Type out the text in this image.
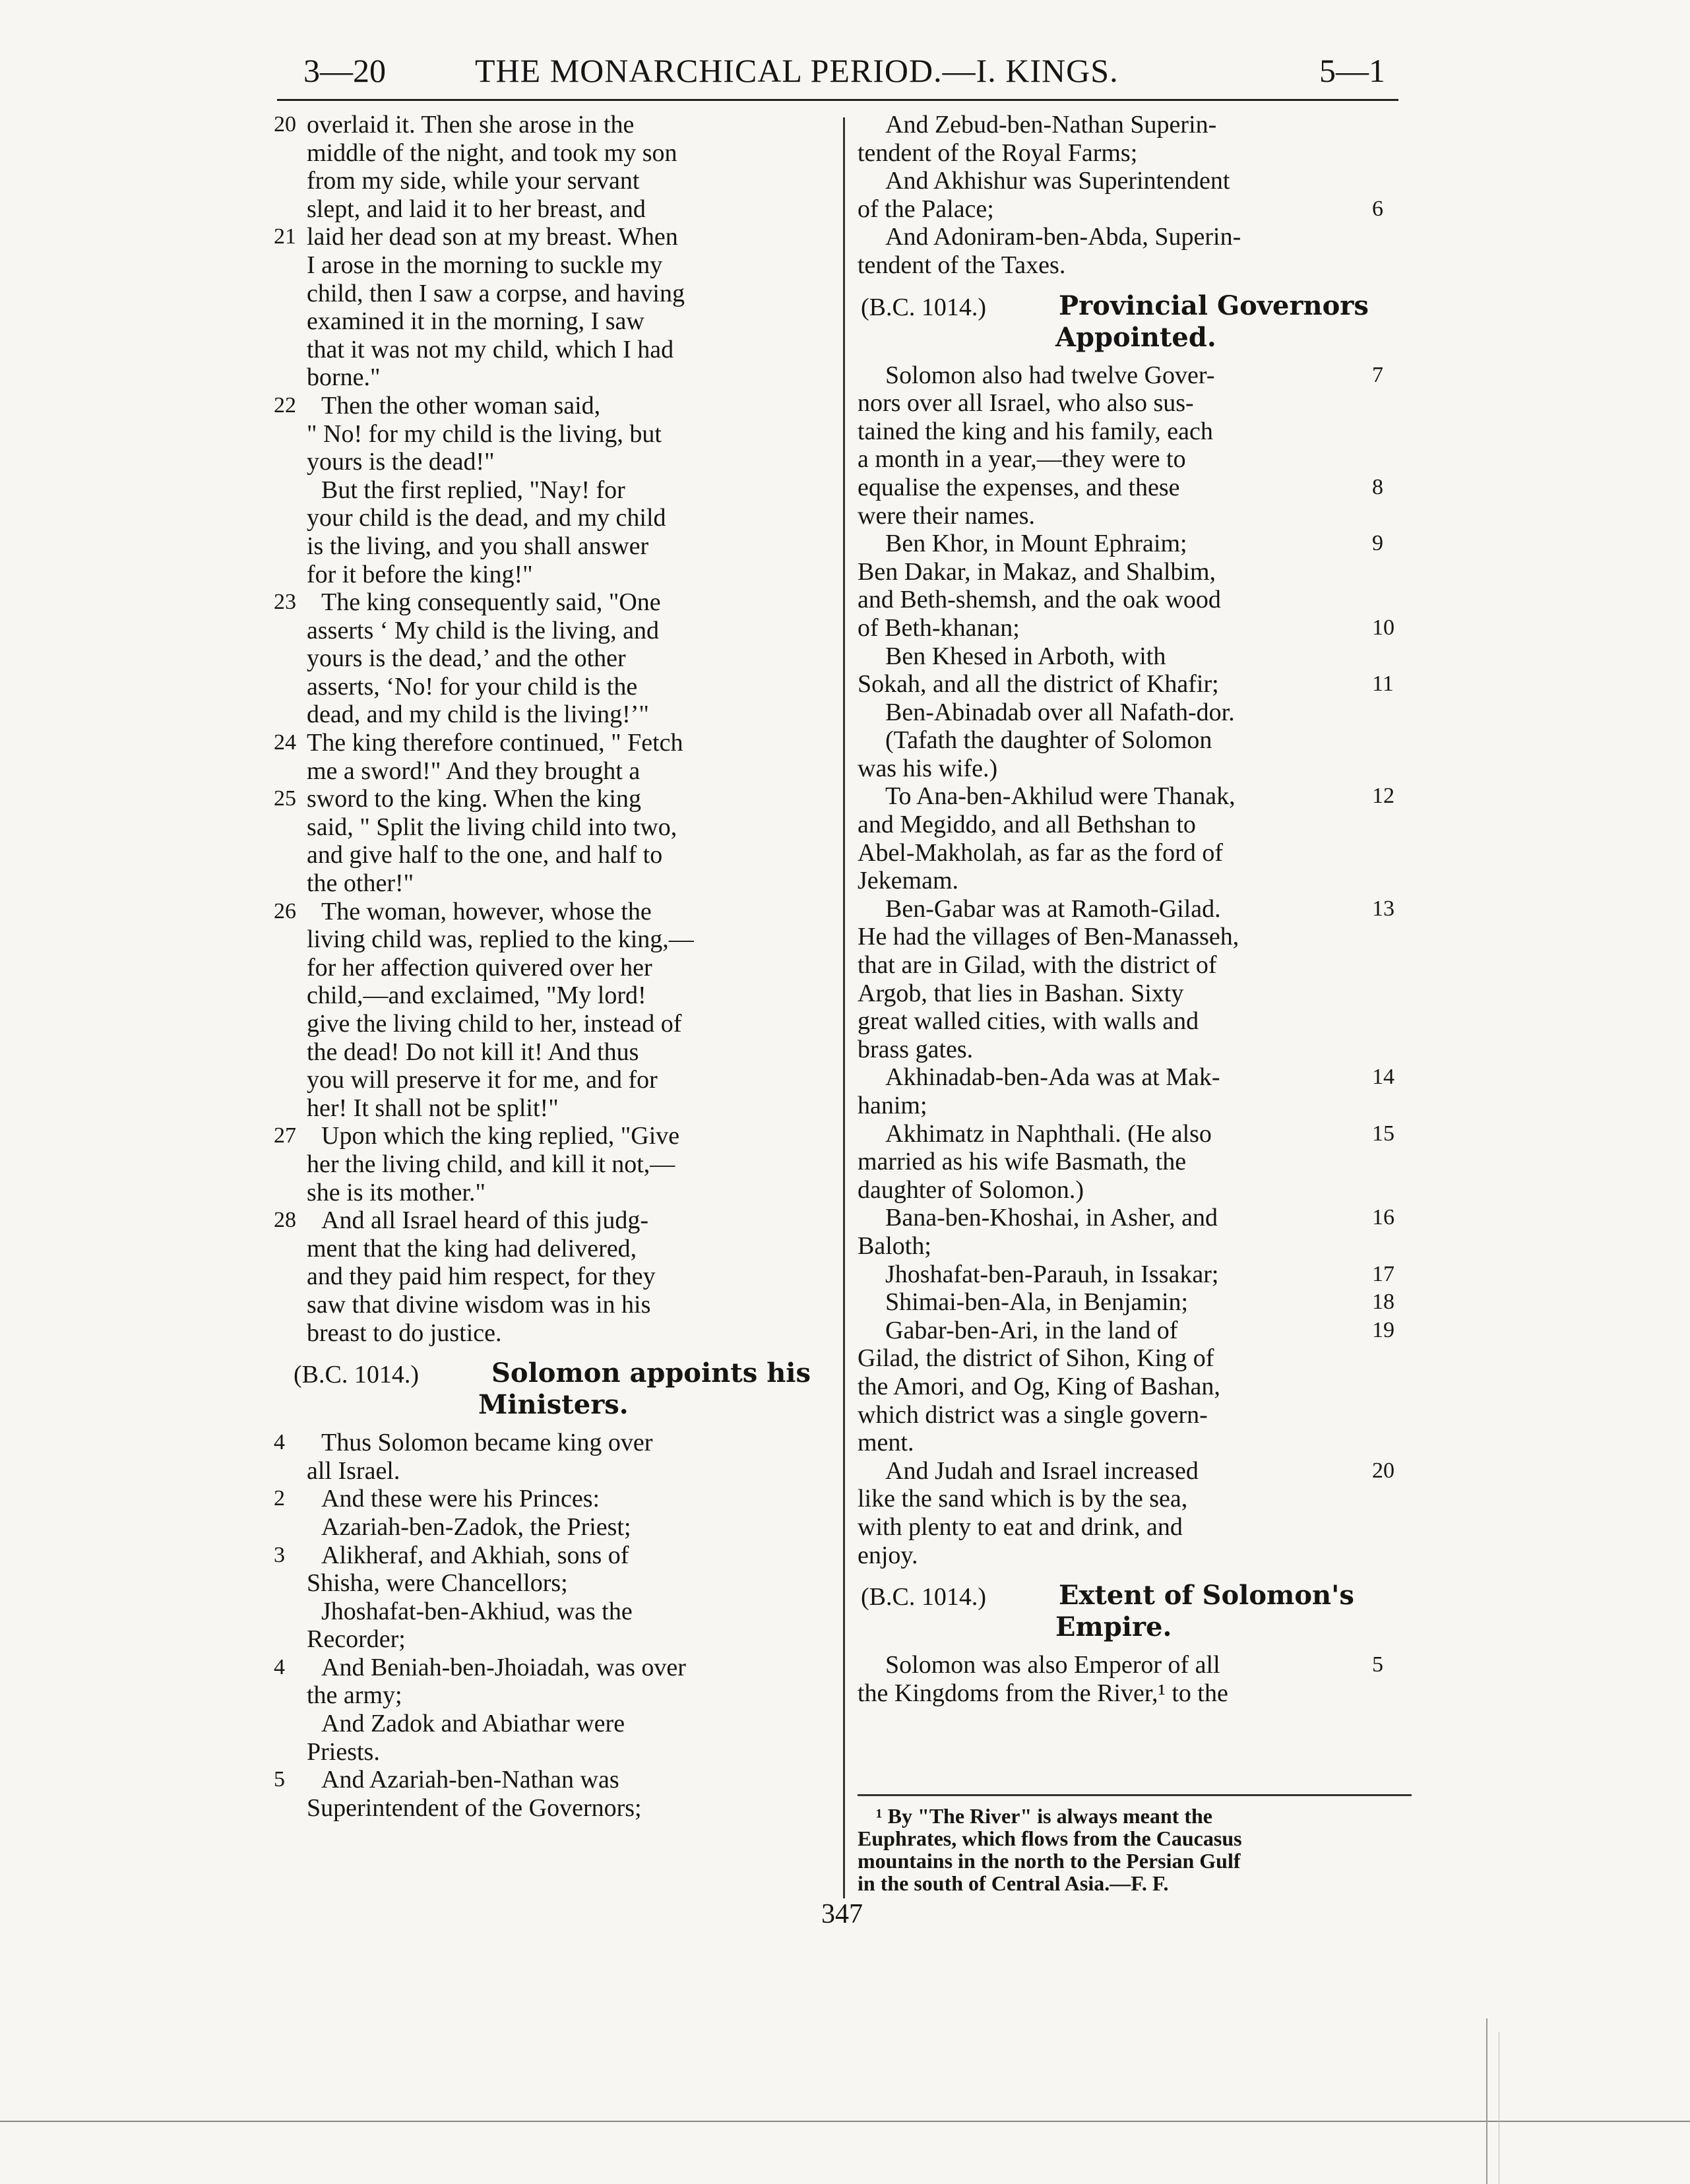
3—20	THE MONARCHICAL PERIOD.—I. KINGS.	5—1
20 overlaid it. Then she arose in the
middle of the night, and took my son
from my side, while your servant
slept, and laid it to her breast, and
21 laid her dead son at my breast. When
I arose in the morning to suckle my
child, then I saw a corpse, and having
examined it in the morning, I saw
that it was not my child, which I had
borne."
22 Then the other woman said,
" No! for my child is the living, but
yours is the dead!"
But the first replied, "Nay! for
your child is the dead, and my child
is the living, and you shall answer
for it before the king!"
23 The king consequently said, "One
asserts ‘ My child is the living, and
yours is the dead,’ and the other
asserts, ‘No! for your child is the
dead, and my child is the living!’"
24 The king therefore continued, " Fetch
me a sword!" And they brought a
25 sword to the king. When the king
said, " Split the living child into two,
and give half to the one, and half to
the other!"
26 The woman, however, whose the
living child was, replied to the king,—
for her affection quivered over her
child,—and exclaimed, "My lord!
give the living child to her, instead of
the dead! Do not kill it! And thus
you will preserve it for me, and for
her! It shall not be split!"
27 Upon which the king replied, "Give
her the living child, and kill it not,—
she is its mother."
28 And all Israel heard of this judg-
ment that the king had delivered,
and they paid him respect, for they
saw that divine wisdom was in his
breast to do justice.
(B.C. 1014.)	Solomon appoints his
Ministers.
4 Thus Solomon became king over
all Israel.
2 And these were his Princes:
Azariah-ben-Zadok, the Priest;
3 Alikheraf, and Akhiah, sons of
Shisha, were Chancellors;
Jhoshafat-ben-Akhiud, was the
Recorder;
4 And Beniah-ben-Jhoiadah, was over
the army;
And Zadok and Abiathar were
Priests.
5 And Azariah-ben-Nathan was
Superintendent of the Governors;
And Zebud-ben-Nathan Superin-
tendent of the Royal Farms;
And Akhishur was Superintendent
6
of the Palace;
And Adoniram-ben-Abda, Superin-
tendent of the Taxes.
(B.C. 1014.)	Provincial Governors
Appointed.
7
Solomon also had twelve Gover-
nors over all Israel, who also sus-
tained the king and his family, each
a month in a year,—they were to
8
equalise the expenses, and these
were their names.
9
Ben Khor, in Mount Ephraim;
Ben Dakar, in Makaz, and Shalbim,
and Beth-shemsh, and the oak wood
10
of Beth-khanan;
Ben Khesed in Arboth, with
11
Sokah, and all the district of Khafir;
Ben-Abinadab over all Nafath-dor.
(Tafath the daughter of Solomon
was his wife.)
12
To Ana-ben-Akhilud were Thanak,
and Megiddo, and all Bethshan to
Abel-Makholah, as far as the ford of
Jekemam.
13
Ben-Gabar was at Ramoth-Gilad.
He had the villages of Ben-Manasseh,
that are in Gilad, with the district of
Argob, that lies in Bashan. Sixty
great walled cities, with walls and
brass gates.
14
Akhinadab-ben-Ada was at Mak-
hanim;
15
Akhimatz in Naphthali. (He also
married as his wife Basmath, the
daughter of Solomon.)
16
Bana-ben-Khoshai, in Asher, and
Baloth;
17
Jhoshafat-ben-Parauh, in Issakar;
18
Shimai-ben-Ala, in Benjamin;
19
Gabar-ben-Ari, in the land of
Gilad, the district of Sihon, King of
the Amori, and Og, King of Bashan,
which district was a single govern-
ment.
20
And Judah and Israel increased
like the sand which is by the sea,
with plenty to eat and drink, and
enjoy.
(B.C. 1014.)	Extent of Solomon's
Empire.
5
Solomon was also Emperor of all
the Kingdoms from the River,¹ to the
¹ By "The River" is always meant the
Euphrates, which flows from the Caucasus
mountains in the north to the Persian Gulf
in the south of Central Asia.—F. F.
347
